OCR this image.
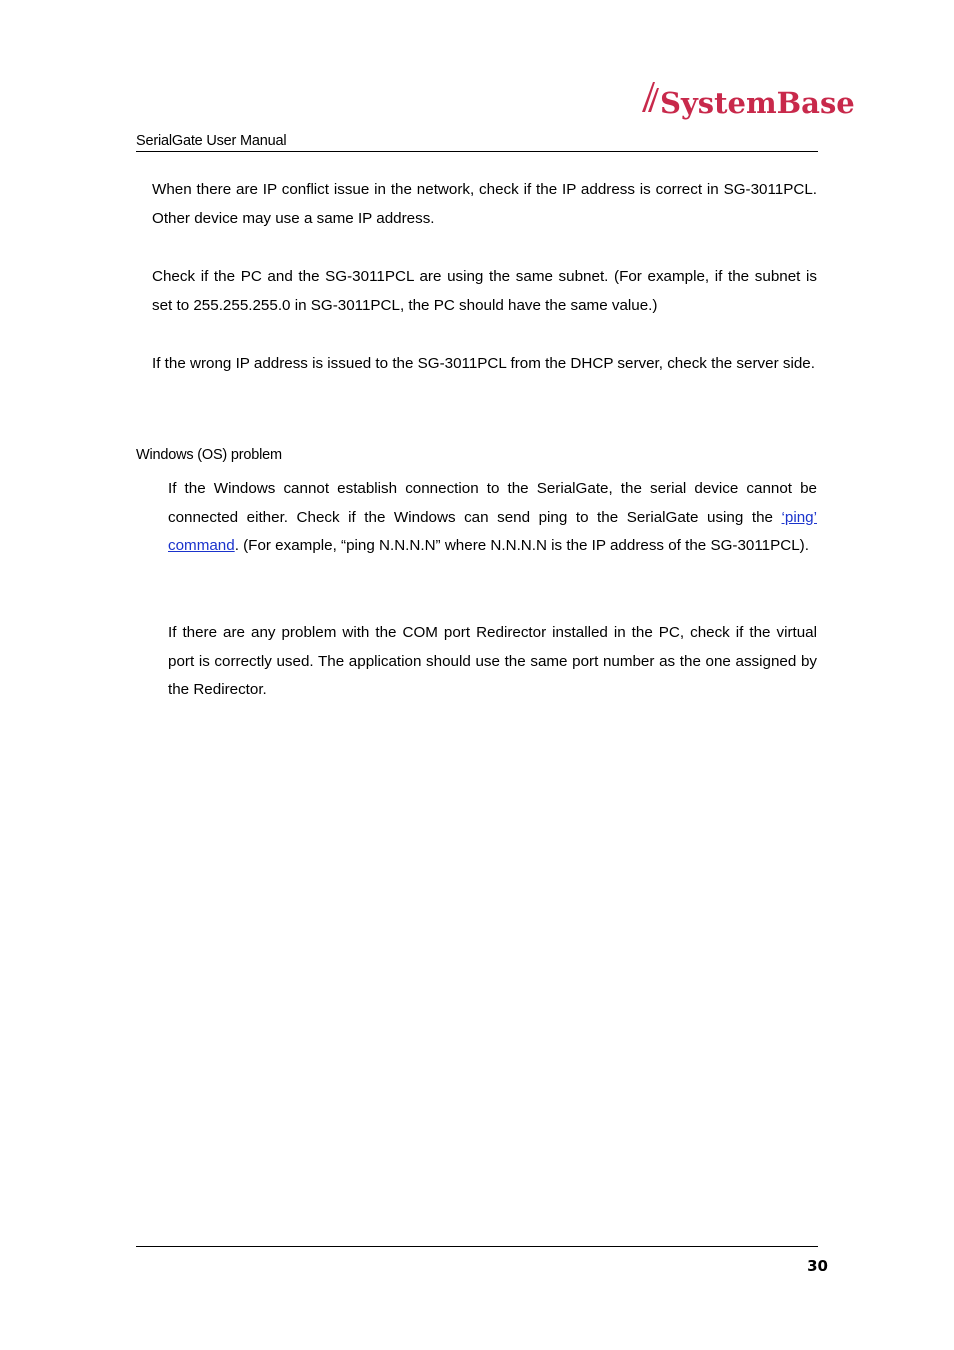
SystemBase
SerialGate User Manual

When there are IP conflict issue in the network, check if the IP address is correct in SG-3011PCL. Other device may use a same IP address.

Check if the PC and the SG-3011PCL are using the same subnet. (For example, if the subnet is set to 255.255.255.0 in SG-3011PCL, the PC should have the same value.)

If the wrong IP address is issued to the SG-3011PCL from the DHCP server, check the server side.

Windows (OS) problem

If the Windows cannot establish connection to the SerialGate, the serial device cannot be connected either. Check if the Windows can send ping to the SerialGate using the ‘ping’ command. (For example, “ping N.N.N.N” where N.N.N.N is the IP address of the SG-3011PCL).

If there are any problem with the COM port Redirector installed in the PC, check if the virtual port is correctly used. The application should use the same port number as the one assigned by the Redirector.

30
